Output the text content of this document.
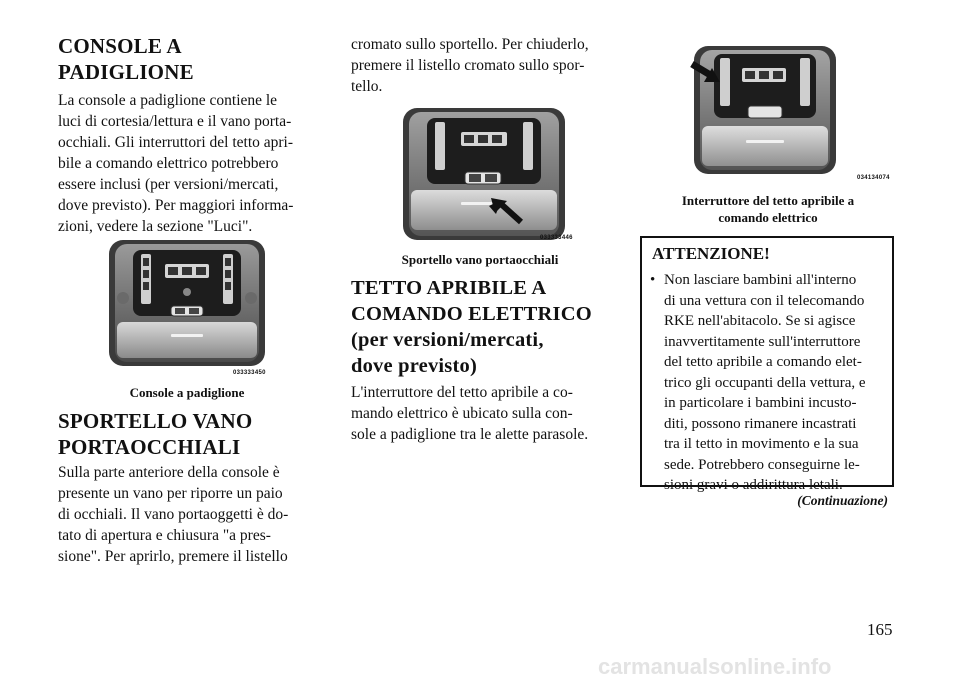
CONSOLE A
PADIGLIONE

La console a padiglione contiene le

luci di cortesia/lettura e il vano porta-

occhiali. Gli interruttori del tetto apri-

bile a comando elettrico potrebbero

essere inclusi (per versioni/mercati,

dove previsto). Per maggiori informa-

zioni, vedere la sezione "Luci".

033333450
Console a padiglione
SPORTELLO VANO
PORTAOCCHIALI

Sulla parte anteriore della console è

presente un vano per riporre un paio

di occhiali. Il vano portaoggetti è do-

tato di apertura e chiusura "a pres-

sione". Per aprirlo, premere il listello

cromato sullo sportello. Per chiuderlo,

premere il listello cromato sullo spor-

tello.

033333446
Sportello vano portaocchiali
TETTO APRIBILE A
COMANDO ELETTRICO
(per versioni/mercati,
dove previsto)

L'interruttore del tetto apribile a co-

mando elettrico è ubicato sulla con-

sole a padiglione tra le alette parasole.

034134074
Interruttore del tetto apribile a
comando elettrico
ATTENZIONE!
• Non lasciare bambini all'interno
di una vettura con il telecomando
RKE nell'abitacolo. Se si agisce
inavvertitamente sull'interruttore
del tetto apribile a comando elet-
trico gli occupanti della vettura, e
in particolare i bambini incusto-
diti, possono rimanere incastrati
tra il tetto in movimento e la sua
sede. Potrebbero conseguirne le-
sioni gravi o addirittura letali.
(Continuazione)
165
carmanualsonline.info
